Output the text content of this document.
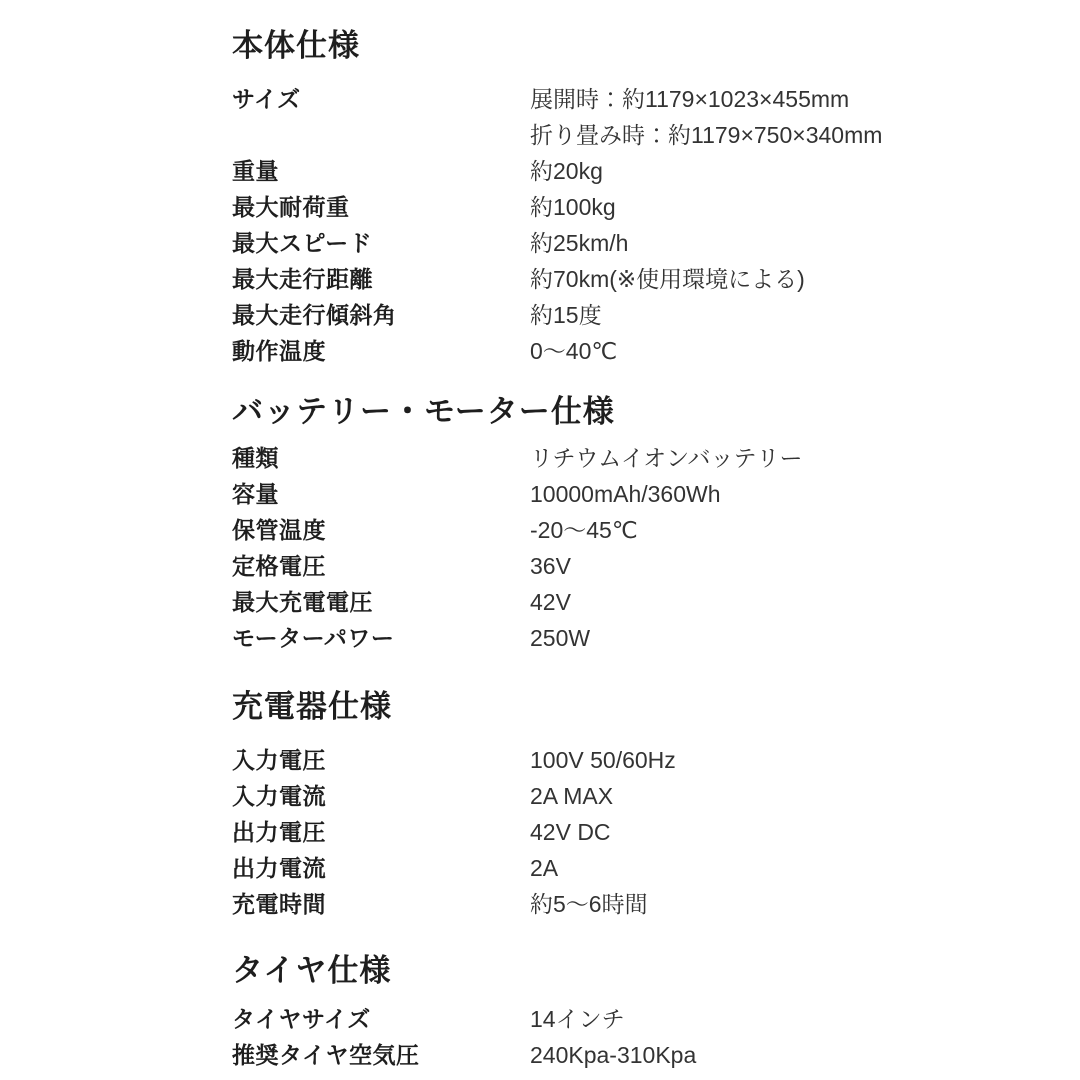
本体仕様
サイズ	展開時：約1179×1023×455mm
折り畳み時：約1179×750×340mm
重量	約20kg
最大耐荷重	約100kg
最大スピード	約25km/h
最大走行距離	約70km(※使用環境による)
最大走行傾斜角	約15度
動作温度	0～40℃
バッテリー・モーター仕様
種類	リチウムイオンバッテリー
容量	10000mAh/360Wh
保管温度	-20～45℃
定格電圧	36V
最大充電電圧	42V
モーターパワー	250W
充電器仕様
入力電圧	100V 50/60Hz
入力電流	2A MAX
出力電圧	42V DC
出力電流	2A
充電時間	約5～6時間
タイヤ仕様
タイヤサイズ	14インチ
推奨タイヤ空気圧	240Kpa-310Kpa
